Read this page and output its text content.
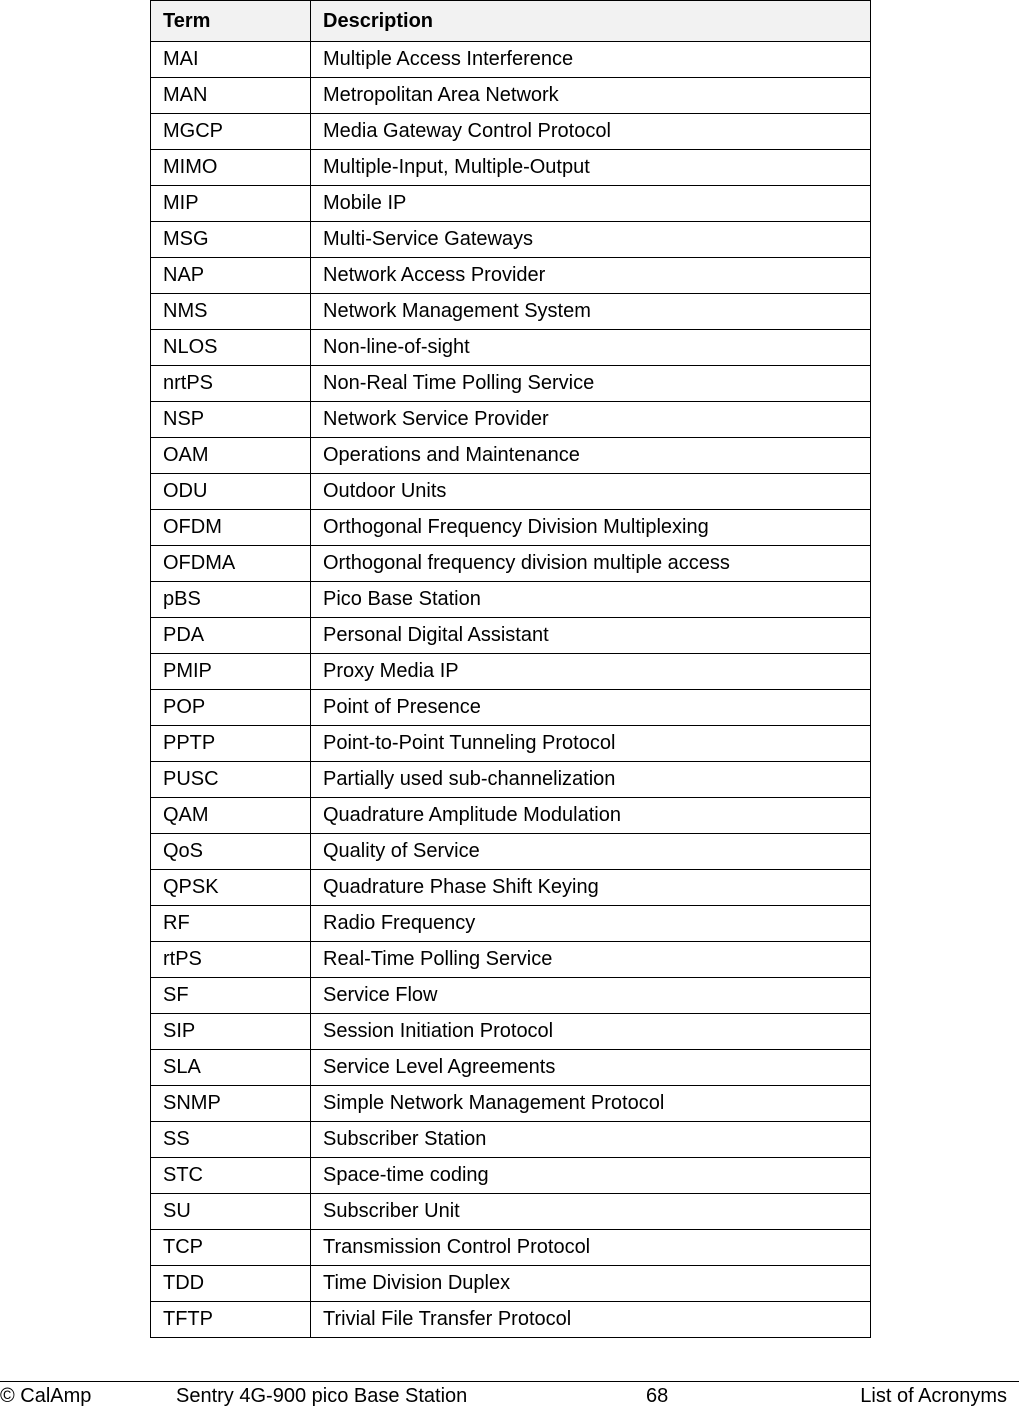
Term	Description
MAI	Multiple Access Interference
MAN	Metropolitan Area Network
MGCP	Media Gateway Control Protocol
MIMO	Multiple-Input, Multiple-Output
MIP	Mobile IP
MSG	Multi-Service Gateways
NAP	Network Access Provider
NMS	Network Management System
NLOS	Non-line-of-sight
nrtPS	Non-Real Time Polling Service
NSP	Network Service Provider
OAM	Operations and Maintenance
ODU	Outdoor Units
OFDM	Orthogonal Frequency Division Multiplexing
OFDMA	Orthogonal frequency division multiple access
pBS	Pico Base Station
PDA	Personal Digital Assistant
PMIP	Proxy Media IP
POP	Point of Presence
PPTP	Point-to-Point Tunneling Protocol
PUSC	Partially used sub-channelization
QAM	Quadrature Amplitude Modulation
QoS	Quality of Service
QPSK	Quadrature Phase Shift Keying
RF	Radio Frequency
rtPS	Real-Time Polling Service
SF	Service Flow
SIP	Session Initiation Protocol
SLA	Service Level Agreements
SNMP	Simple Network Management Protocol
SS	Subscriber Station
STC	Space-time coding
SU	Subscriber Unit
TCP	Transmission Control Protocol
TDD	Time Division Duplex
TFTP	Trivial File Transfer Protocol
© CalAmp	Sentry 4G-900 pico Base Station	68	List of Acronyms
